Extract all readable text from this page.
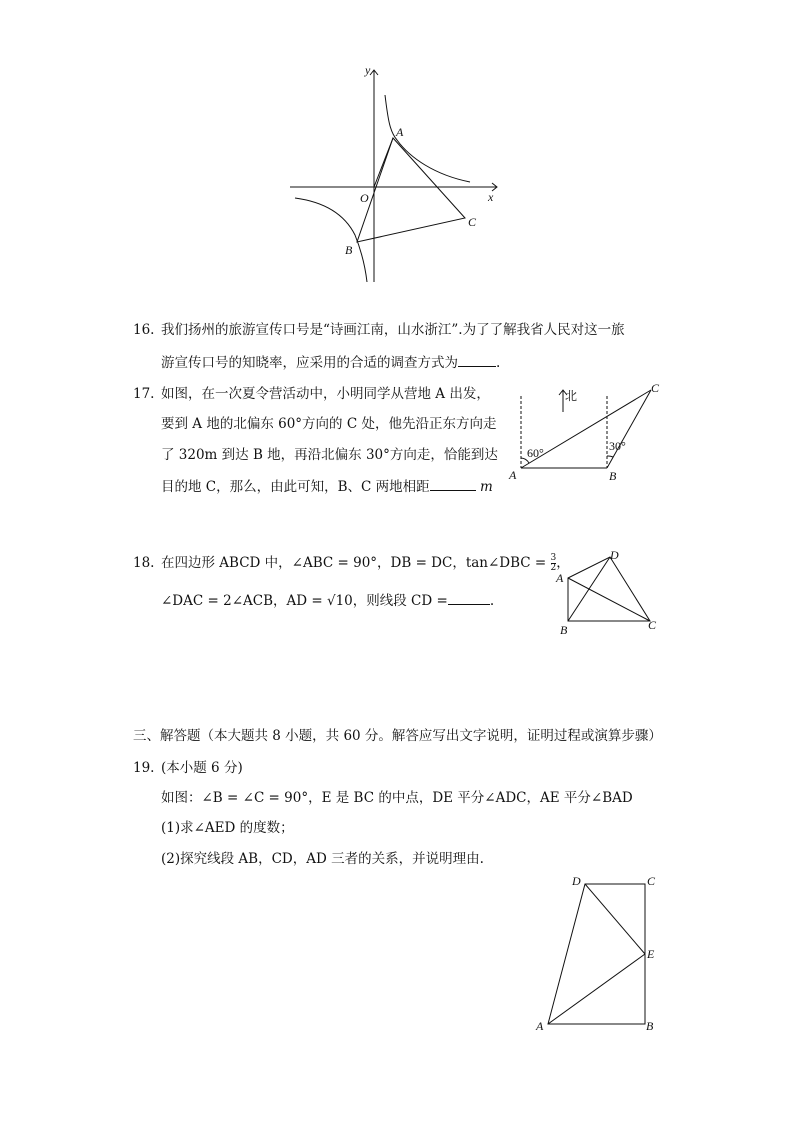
y
x
O
A
B
C
16. 我们扬州的旅游宣传口号是“诗画江南，山水浙江”.为了了解我省人民对这一旅
游宣传口号的知晓率，应采用的合适的调查方式为	.
17. 如图，在一次夏令营活动中，小明同学从营地 A 出发，
要到 A 地的北偏东 60°方向的 C 处，他先沿正东方向走
了 320m 到达 B 地，再沿北偏东 30°方向走，恰能到达
目的地 C，那么，由此可知，B、C 两地相距	m
北
60°	30°
A	B
C
18. 在四边形 ABCD 中，∠ABC = 90°，DB = DC，tan∠DBC = $\frac{3}{2}$ ，
∠DAC = 2∠ACB，AD = √10，则线段 CD =	.
A
B	C
D
三、解答题（本大题共 8 小题，共 60 分。解答应写出文字说明，证明过程或演算步骤）
19. (本小题 6 分)
如图：∠B = ∠C = 90°，E 是 BC 的中点，DE 平分∠ADC，AE 平分∠BAD
(1)求∠AED 的度数；
(2)探究线段 AB，CD，AD 三者的关系，并说明理由.
D	C
E
A	B
